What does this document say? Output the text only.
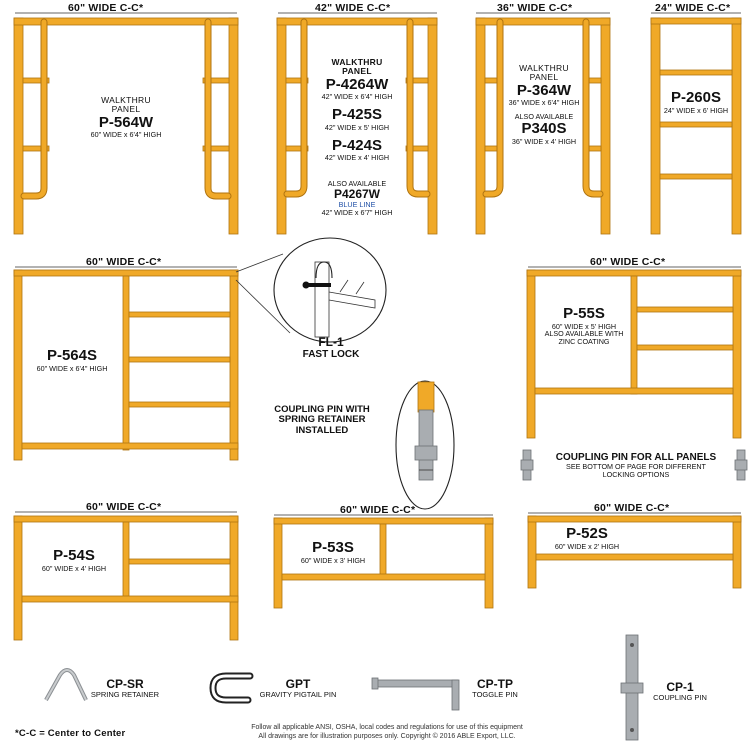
60" WIDE C-C*	42" WIDE C-C*	36" WIDE C-C*	24" WIDE C-C*
60" WIDE C-C*	60" WIDE C-C*
60" WIDE C-C*	60" WIDE C-C*	60" WIDE C-C*
WALKTHRU
PANEL
P-564W
60" WIDE x 6'4" HIGH
WALKTHRU
PANEL
P-4264W
42" WIDE x 6'4" HIGH
P-425S
42" WIDE x 5' HIGH
P-424S
42" WIDE x 4' HIGH
ALSO AVAILABLE
P4267W
BLUE LINE
42" WIDE x 6'7" HIGH
WALKTHRU
PANEL
P-364W
36" WIDE x 6'4" HIGH
ALSO AVAILABLE
P340S
36" WIDE x 4' HIGH
P-260S
24" WIDE x 6' HIGH
P-564S
60" WIDE x 6'4" HIGH
FL-1
FAST LOCK
P-55S
60" WIDE x 5' HIGH
ALSO AVAILABLE WITH
ZINC COATING
COUPLING PIN WITH
SPRING RETAINER
INSTALLED
COUPLING PIN FOR ALL PANELS
SEE BOTTOM OF PAGE FOR DIFFERENT
LOCKING OPTIONS
P-54S
60" WIDE x 4' HIGH
P-53S
60" WIDE x 3' HIGH
P-52S
60" WIDE x 2' HIGH
CP-SR
SPRING RETAINER
GPT
GRAVITY PIGTAIL PIN
CP-TP
TOGGLE PIN
CP-1
COUPLING PIN
*C-C = Center to Center
Follow all applicable ANSI, OSHA, local codes and regulations for use of this equipment
All drawings are for illustration purposes only. Copyright © 2016 ABLE Export, LLC.
